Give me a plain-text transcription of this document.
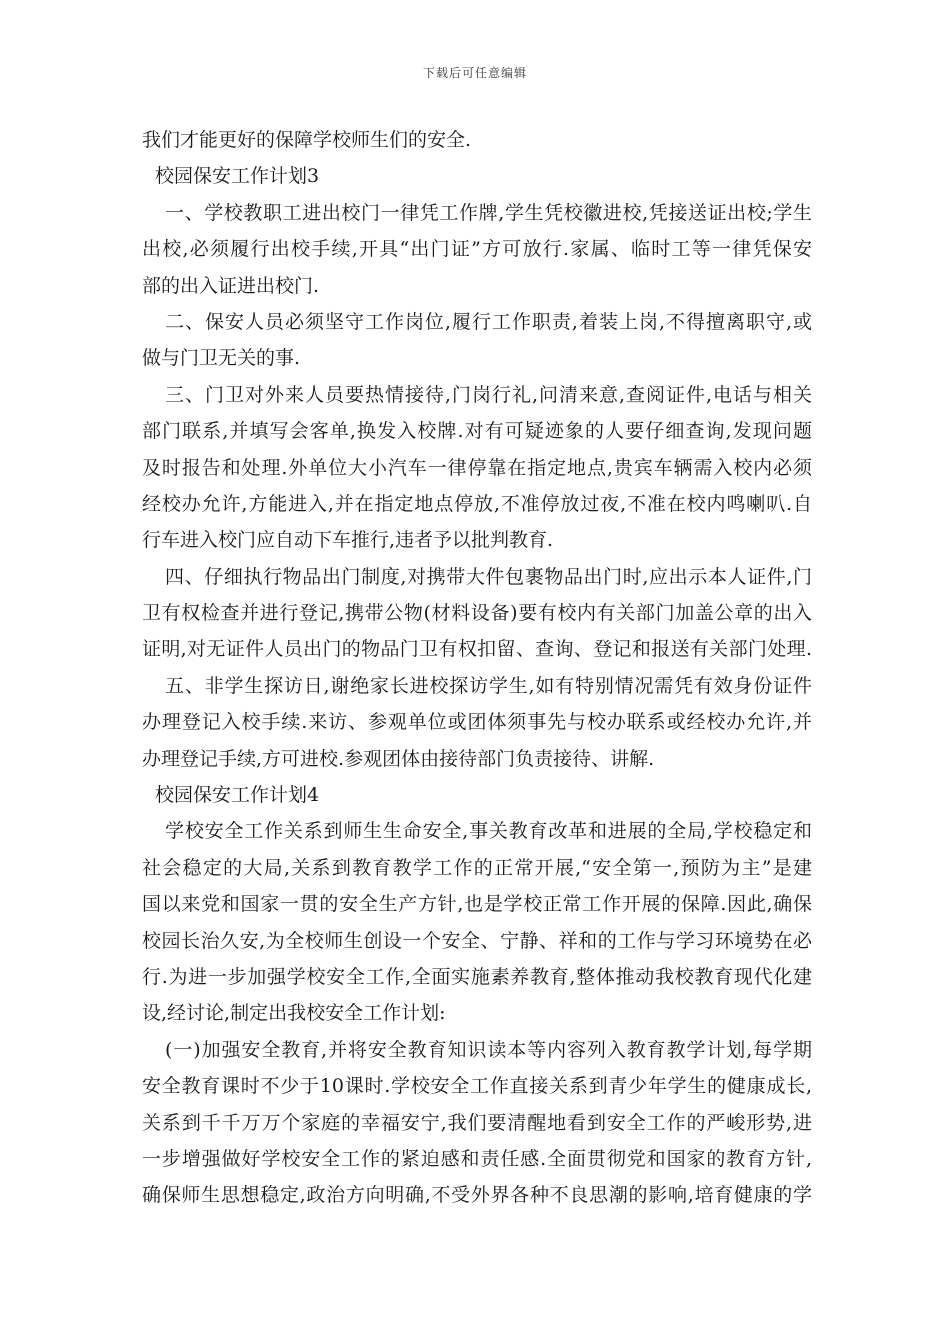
下载后可任意编辑
我们才能更好的保障学校师生们的安全.
校园保安工作计划3
一、学校教职工进出校门一律凭工作牌,学生凭校徽进校,凭接送证出校;学生
出校,必须履行出校手续,开具“出门证”方可放行.家属、临时工等一律凭保安
部的出入证进出校门.
二、保安人员必须坚守工作岗位,履行工作职责,着装上岗,不得擅离职守,或
做与门卫无关的事.
三、门卫对外来人员要热情接待,门岗行礼,问清来意,查阅证件,电话与相关
部门联系,并填写会客单,换发入校牌.对有可疑迹象的人要仔细查询,发现问题
及时报告和处理.外单位大小汽车一律停靠在指定地点,贵宾车辆需入校内必须
经校办允许,方能进入,并在指定地点停放,不准停放过夜,不准在校内鸣喇叭.自
行车进入校门应自动下车推行,违者予以批判教育.
四、仔细执行物品出门制度,对携带大件包裹物品出门时,应出示本人证件,门
卫有权检查并进行登记,携带公物(材料设备)要有校内有关部门加盖公章的出入
证明,对无证件人员出门的物品门卫有权扣留、查询、登记和报送有关部门处理.
五、非学生探访日,谢绝家长进校探访学生,如有特别情况需凭有效身份证件
办理登记入校手续.来访、参观单位或团体须事先与校办联系或经校办允许,并
办理登记手续,方可进校.参观团体由接待部门负责接待、讲解.
校园保安工作计划4
学校安全工作关系到师生生命安全,事关教育改革和进展的全局,学校稳定和
社会稳定的大局,关系到教育教学工作的正常开展,“安全第一,预防为主”是建
国以来党和国家一贯的安全生产方针,也是学校正常工作开展的保障.因此,确保
校园长治久安,为全校师生创设一个安全、宁静、祥和的工作与学习环境势在必
行.为进一步加强学校安全工作,全面实施素养教育,整体推动我校教育现代化建
设,经讨论,制定出我校安全工作计划:
(一)加强安全教育,并将安全教育知识读本等内容列入教育教学计划,每学期
安全教育课时不少于10课时.学校安全工作直接关系到青少年学生的健康成长,
关系到千千万万个家庭的幸福安宁,我们要清醒地看到安全工作的严峻形势,进
一步增强做好学校安全工作的紧迫感和责任感.全面贯彻党和国家的教育方针,
确保师生思想稳定,政治方向明确,不受外界各种不良思潮的影响,培育健康的学
